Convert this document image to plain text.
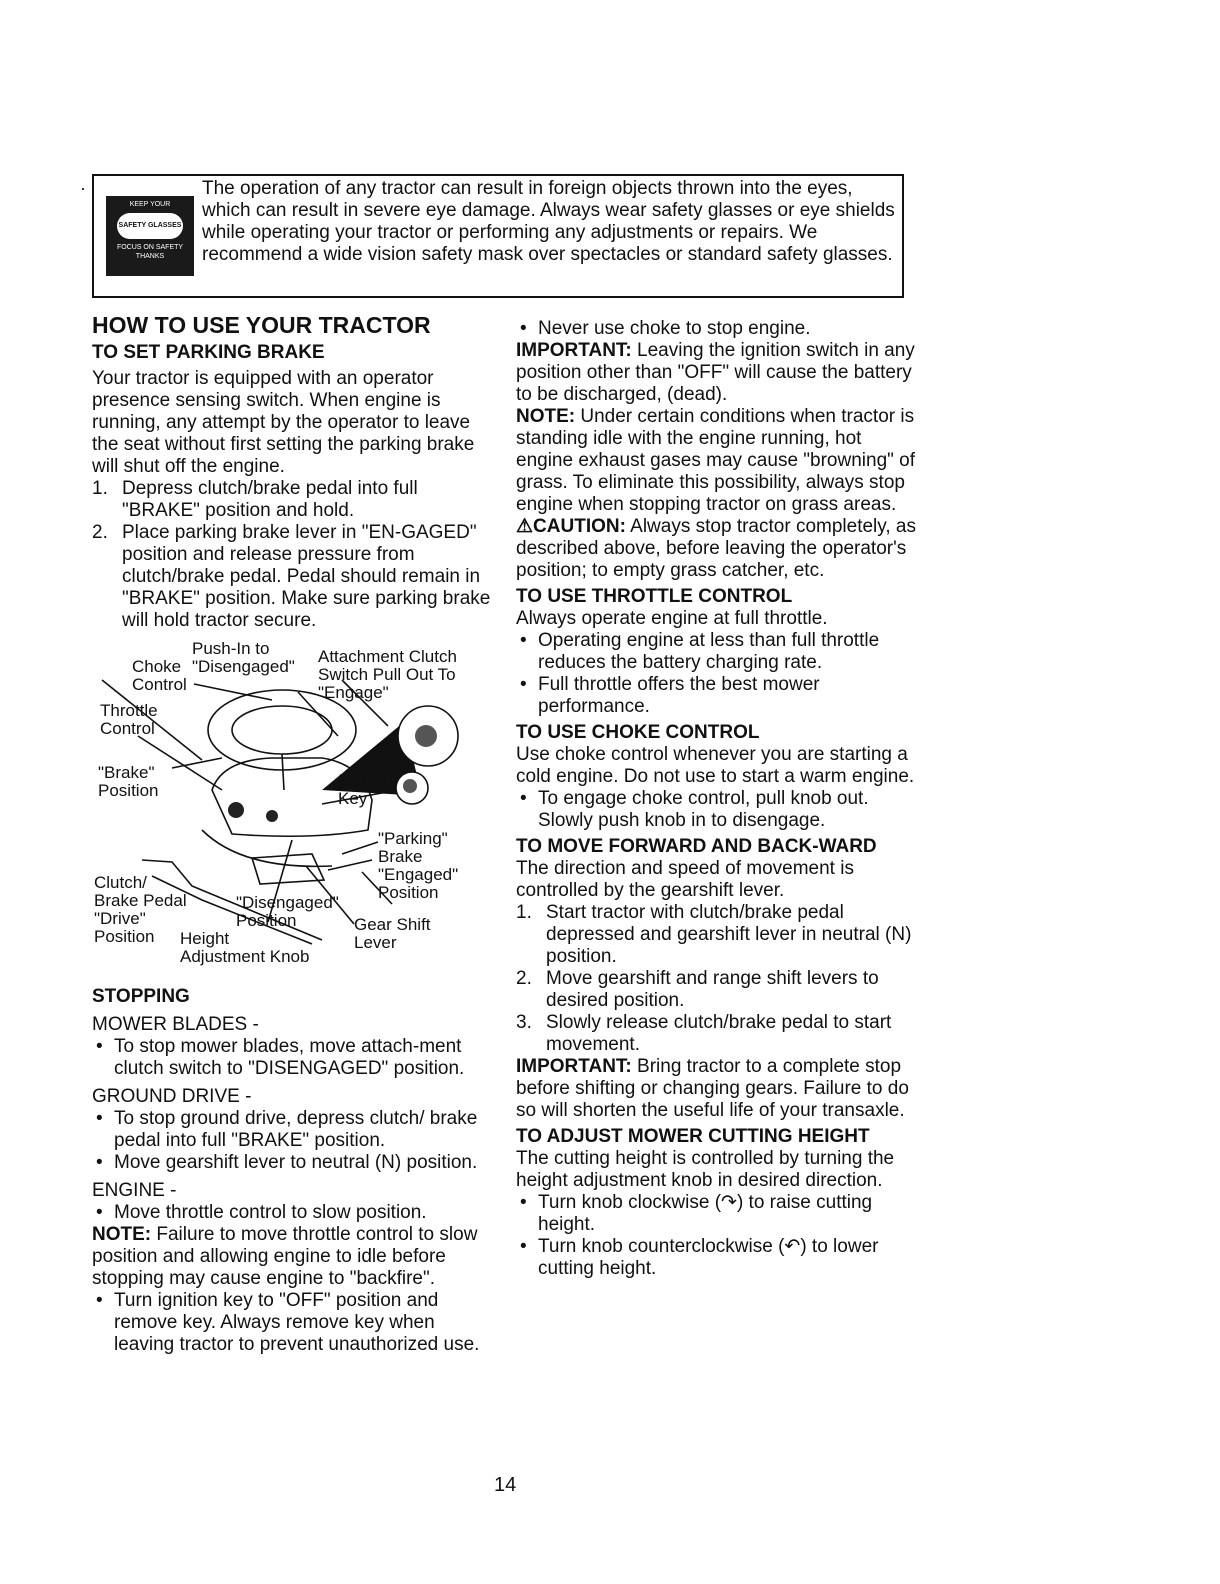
·
KEEP YOUR
SAFETY GLASSES
FOCUS ON SAFETY THANKS
The operation of any tractor can result in foreign objects thrown into the eyes, which can result in severe eye damage. Always wear safety glasses or eye shields while operating your tractor or performing any adjustments or repairs. We recommend a wide vision safety mask over spectacles or standard safety glasses.
HOW TO USE YOUR TRACTOR
TO SET PARKING BRAKE

Your tractor is equipped with an operator presence sensing switch. When engine is running, any attempt by the operator to leave the seat without first setting the parking brake will shut off the engine.

1. Depress clutch/brake pedal into full "BRAKE" position and hold.
2. Place parking brake lever in "EN-GAGED" position and release pressure from clutch/brake pedal. Pedal should remain in "BRAKE" position. Make sure parking brake will hold tractor secure.
Push-In to
"Disengaged"
Choke
Control
Attachment Clutch
Switch Pull Out To
"Engage"
Throttle
Control
"Brake"
Position
Ignition
Key
"Parking"
Brake
"Engaged"
Position
Clutch/
Brake Pedal
"Drive"
Position
"Disengaged"
Position
Height
Adjustment Knob
Gear Shift
Lever
STOPPING

MOWER BLADES -

• To stop mower blades, move attach-ment clutch switch to "DISENGAGED" position.

GROUND DRIVE -

• To stop ground drive, depress clutch/ brake pedal into full "BRAKE" position.
• Move gearshift lever to neutral (N) position.

ENGINE -

• Move throttle control to slow position.

NOTE: Failure to move throttle control to slow position and allowing engine to idle before stopping may cause engine to "backfire".

• Turn ignition key to "OFF" position and remove key. Always remove key when leaving tractor to prevent unauthorized use.
• Never use choke to stop engine.

IMPORTANT: Leaving the ignition switch in any position other than "OFF" will cause the battery to be discharged, (dead).

NOTE: Under certain conditions when tractor is standing idle with the engine running, hot engine exhaust gases may cause "browning" of grass. To eliminate this possibility, always stop engine when stopping tractor on grass areas.

⚠CAUTION: Always stop tractor completely, as described above, before leaving the operator's position; to empty grass catcher, etc.

TO USE THROTTLE CONTROL

Always operate engine at full throttle.

• Operating engine at less than full throttle reduces the battery charging rate.
• Full throttle offers the best mower performance.
TO USE CHOKE CONTROL

Use choke control whenever you are starting a cold engine. Do not use to start a warm engine.

• To engage choke control, pull knob out. Slowly push knob in to disengage.
TO MOVE FORWARD AND BACK-WARD

The direction and speed of movement is controlled by the gearshift lever.

1. Start tractor with clutch/brake pedal depressed and gearshift lever in neutral (N) position.
2. Move gearshift and range shift levers to desired position.
3. Slowly release clutch/brake pedal to start movement.

IMPORTANT: Bring tractor to a complete stop before shifting or changing gears. Failure to do so will shorten the useful life of your transaxle.

TO ADJUST MOWER CUTTING HEIGHT

The cutting height is controlled by turning the height adjustment knob in desired direction.

• Turn knob clockwise (↷) to raise cutting height.
• Turn knob counterclockwise (↶) to lower cutting height.
14
